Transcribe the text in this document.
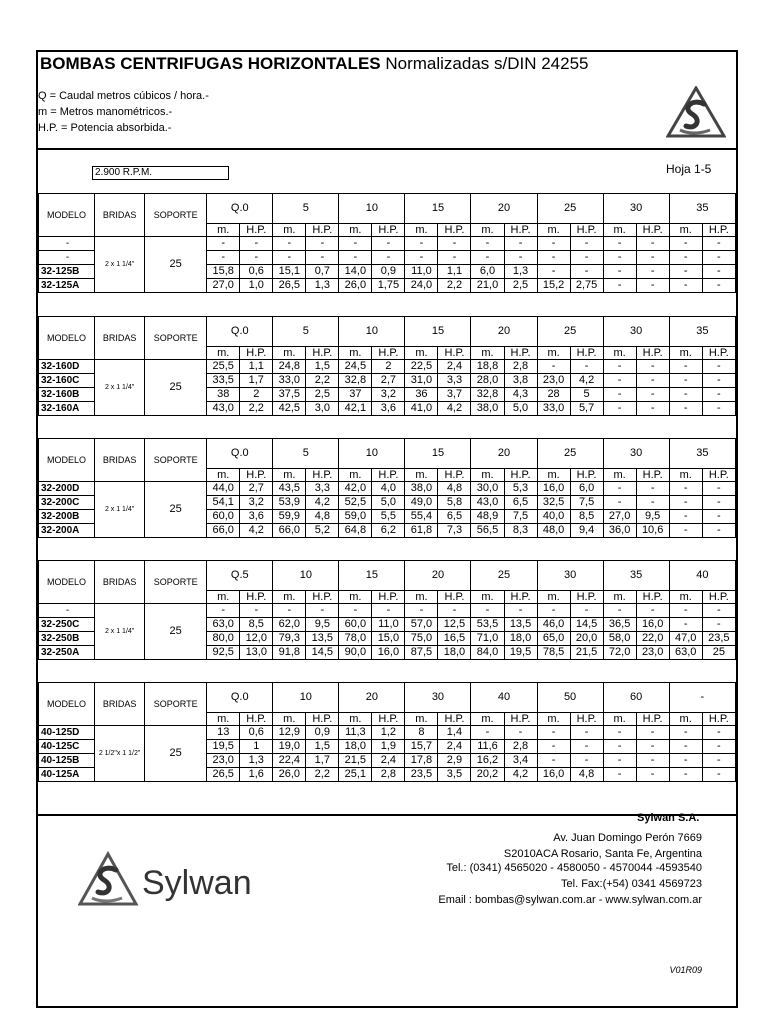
BOMBAS CENTRIFUGAS HORIZONTALES Normalizadas s/DIN 24255
Q = Caudal metros cúbicos / hora.-
m = Metros manométricos.-
H.P. = Potencia absorbida.-
2.900 R.P.M.	Hoja 1-5
MODELO	BRIDAS	SOPORTE	Q.0		5		10		15		20		25		30		35	
			m.	H.P.	m.	H.P.	m.	H.P.	m.	H.P.	m.	H.P.	m.	H.P.	m.	H.P.	m.	H.P.
-	2 x 1 1/4"	25	-	-	-	-	-	-	-	-	-	-	-	-	-	-	-	-
-			-	-	-	-	-	-	-	-	-	-	-	-	-	-	-	-
32-125B			15,8	0,6	15,1	0,7	14,0	0,9	11,0	1,1	6,0	1,3	-	-	-	-	-	-
32-125A			27,0	1,0	26,5	1,3	26,0	1,75	24,0	2,2	21,0	2,5	15,2	2,75	-	-	-	-
MODELO	BRIDAS	SOPORTE	Q.0		5		10		15		20		25		30		35	
			m.	H.P.	m.	H.P.	m.	H.P.	m.	H.P.	m.	H.P.	m.	H.P.	m.	H.P.	m.	H.P.
32-160D	2 x 1 1/4"	25	25,5	1,1	24,8	1,5	24,5	2	22,5	2,4	18,8	2,8	-	-	-	-	-	-
32-160C			33,5	1,7	33,0	2,2	32,8	2,7	31,0	3,3	28,0	3,8	23,0	4,2	-	-	-	-
32-160B			38	2	37,5	2,5	37	3,2	36	3,7	32,8	4,3	28	5	-	-	-	-
32-160A			43,0	2,2	42,5	3,0	42,1	3,6	41,0	4,2	38,0	5,0	33,0	5,7	-	-	-	-
MODELO	BRIDAS	SOPORTE	Q.0		5		10		15		20		25		30		35	
			m.	H.P.	m.	H.P.	m.	H.P.	m.	H.P.	m.	H.P.	m.	H.P.	m.	H.P.	m.	H.P.
32-200D	2 x 1 1/4"	25	44,0	2,7	43,5	3,3	42,0	4,0	38,0	4,8	30,0	5,3	16,0	6,0	-	-	-	-
32-200C			54,1	3,2	53,9	4,2	52,5	5,0	49,0	5,8	43,0	6,5	32,5	7,5	-	-	-	-
32-200B			60,0	3,6	59,9	4,8	59,0	5,5	55,4	6,5	48,9	7,5	40,0	8,5	27,0	9,5	-	-
32-200A			66,0	4,2	66,0	5,2	64,8	6,2	61,8	7,3	56,5	8,3	48,0	9,4	36,0	10,6	-	-
MODELO	BRIDAS	SOPORTE	Q.5		10		15		20		25		30		35		40	
			m.	H.P.	m.	H.P.	m.	H.P.	m.	H.P.	m.	H.P.	m.	H.P.	m.	H.P.	m.	H.P.
-	2 x 1 1/4"	25	-	-	-	-	-	-	-	-	-	-	-	-	-	-	-	-
32-250C			63,0	8,5	62,0	9,5	60,0	11,0	57,0	12,5	53,5	13,5	46,0	14,5	36,5	16,0	-	-
32-250B			80,0	12,0	79,3	13,5	78,0	15,0	75,0	16,5	71,0	18,0	65,0	20,0	58,0	22,0	47,0	23,5
32-250A			92,5	13,0	91,8	14,5	90,0	16,0	87,5	18,0	84,0	19,5	78,5	21,5	72,0	23,0	63,0	25
MODELO	BRIDAS	SOPORTE	Q.0		10		20		30		40		50		60		-	
			m.	H.P.	m.	H.P.	m.	H.P.	m.	H.P.	m.	H.P.	m.	H.P.	m.	H.P.	m.	H.P.
40-125D	2 1/2"x 1 1/2"	25	13	0,6	12,9	0,9	11,3	1,2	8	1,4	-	-	-	-	-	-	-	-
40-125C			19,5	1	19,0	1,5	18,0	1,9	15,7	2,4	11,6	2,8	-	-	-	-	-	-
40-125B			23,0	1,3	22,4	1,7	21,5	2,4	17,8	2,9	16,2	3,4	-	-	-	-	-	-
40-125A			26,5	1,6	26,0	2,2	25,1	2,8	23,5	3,5	20,2	4,2	16,0	4,8	-	-	-	-
Sylwan
Sylwan S.A.
Av. Juan Domingo Perón 7669
S2010ACA Rosario, Santa Fe, Argentina
Tel.: (0341) 4565020 - 4580050 - 4570044 -4593540
Tel. Fax:(+54) 0341 4569723
Email : bombas@sylwan.com.ar - www.sylwan.com.ar
V01R09
